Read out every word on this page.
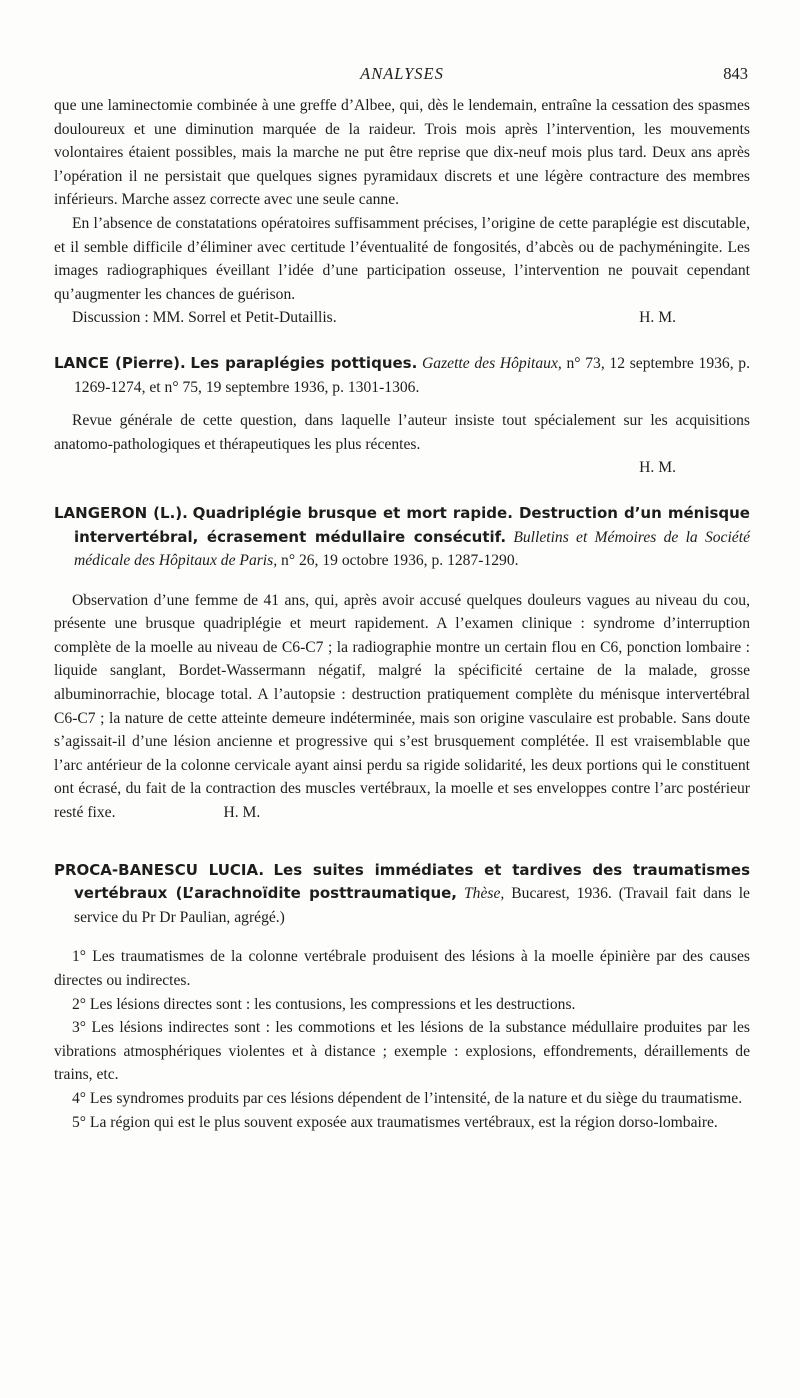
ANALYSES	843

que une laminectomie combinée à une greffe d’Albee, qui, dès le lendemain, entraîne la cessation des spasmes douloureux et une diminution marquée de la raideur. Trois mois après l’intervention, les mouvements volontaires étaient possibles, mais la marche ne put être reprise que dix-neuf mois plus tard. Deux ans après l’opération il ne persistait que quelques signes pyramidaux discrets et une légère contracture des membres inférieurs. Marche assez correcte avec une seule canne.

En l’absence de constatations opératoires suffisamment précises, l’origine de cette paraplégie est discutable, et il semble difficile d’éliminer avec certitude l’éventualité de fongosités, d’abcès ou de pachyméningite. Les images radiographiques éveillant l’idée d’une participation osseuse, l’intervention ne pouvait cependant qu’augmenter les chances de guérison.

Discussion : MM. Sorrel et Petit-Dutaillis.	H. M.
LANCE (Pierre). Les paraplégies pottiques. Gazette des Hôpitaux, n° 73, 12 septembre 1936, p. 1269-1274, et n° 75, 19 septembre 1936, p. 1301-1306.

Revue générale de cette question, dans laquelle l’auteur insiste tout spécialement sur les acquisitions anatomo-pathologiques et thérapeutiques les plus récentes.

H. M.
LANGERON (L.). Quadriplégie brusque et mort rapide. Destruction d’un ménisque intervertébral, écrasement médullaire consécutif. Bulletins et Mémoires de la Société médicale des Hôpitaux de Paris, n° 26, 19 octobre 1936, p. 1287-1290.

Observation d’une femme de 41 ans, qui, après avoir accusé quelques douleurs vagues au niveau du cou, présente une brusque quadriplégie et meurt rapidement. A l’examen clinique : syndrome d’interruption complète de la moelle au niveau de C6-C7 ; la radiographie montre un certain flou en C6, ponction lombaire : liquide sanglant, Bordet-Wassermann négatif, malgré la spécificité certaine de la malade, grosse albuminorrachie, blocage total. A l’autopsie : destruction pratiquement complète du ménisque intervertébral C6-C7 ; la nature de cette atteinte demeure indéterminée, mais son origine vasculaire est probable. Sans doute s’agissait-il d’une lésion ancienne et progressive qui s’est brusquement complétée. Il est vraisemblable que l’arc antérieur de la colonne cervicale ayant ainsi perdu sa rigide solidarité, les deux portions qui le constituent ont écrasé, du fait de la contraction des muscles vertébraux, la moelle et ses enveloppes contre l’arc postérieur resté fixe.	H. M.

PROCA-BANESCU LUCIA. Les suites immédiates et tardives des traumatismes vertébraux (L’arachnoïdite posttraumatique, Thèse, Bucarest, 1936. (Travail fait dans le service du Pr Dr Paulian, agrégé.)

1° Les traumatismes de la colonne vertébrale produisent des lésions à la moelle épinière par des causes directes ou indirectes.

2° Les lésions directes sont : les contusions, les compressions et les destructions.

3° Les lésions indirectes sont : les commotions et les lésions de la substance médullaire produites par les vibrations atmosphériques violentes et à distance ; exemple : explosions, effondrements, déraillements de trains, etc.

4° Les syndromes produits par ces lésions dépendent de l’intensité, de la nature et du siège du traumatisme.

5° La région qui est le plus souvent exposée aux traumatismes vertébraux, est la région dorso-lombaire.
